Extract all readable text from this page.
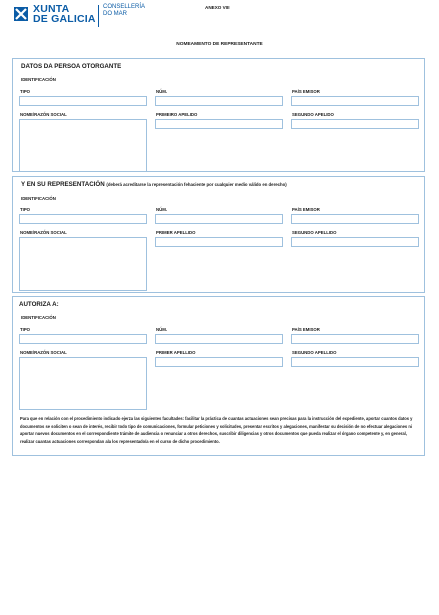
XUNTA
DE GALICIA
CONSELLERÍA
DO MAR
ANEXO VIII
NOMEAMENTO DE REPRESENTANTE
DATOS DA PERSOA OTORGANTE
IDENTIFICACIÓN
TIPO	NÚM.	PAÍS EMISOR
NOME/RAZÓN SOCIAL	PRIMEIRO APELIDO	SEGUNDO APELIDO
Y EN SU REPRESENTACIÓN (deberá acreditarse la representación fehaciente por cualquier medio válido en derecho)
IDENTIFICACIÓN
TIPO	NÚM.	PAÍS EMISOR
NOME/RAZÓN SOCIAL	PRIMER APELLIDO	SEGUNDO APELLIDO
AUTORIZA A:
IDENTIFICACIÓN
TIPO	NÚM.	PAÍS EMISOR
NOME/RAZÓN SOCIAL	PRIMER APELLIDO	SEGUNDO APELLIDO
Para que en relación con el procedimiento indicado ejerza las siguientes facultades: facilitar la práctica de cuantas actuaciones sean precisas para la instrucción del expediente, aportar cuantos datos y documentos se soliciten o sean de interés, recibir todo tipo de comunicaciones, formular peticiones y solicitudes, presentar escritos y alegaciones, manifestar su decisión de no efectuar alegaciones ni aportar nuevos documentos en el correspondiente trámite de audiencia o renunciar a otros derechos, suscribir diligencias y otros documentos que pueda realizar el órgano competente y, en general, realizar cuantas actuaciones correspondan ala los representado/a en el curso de dicho procedimiento.
